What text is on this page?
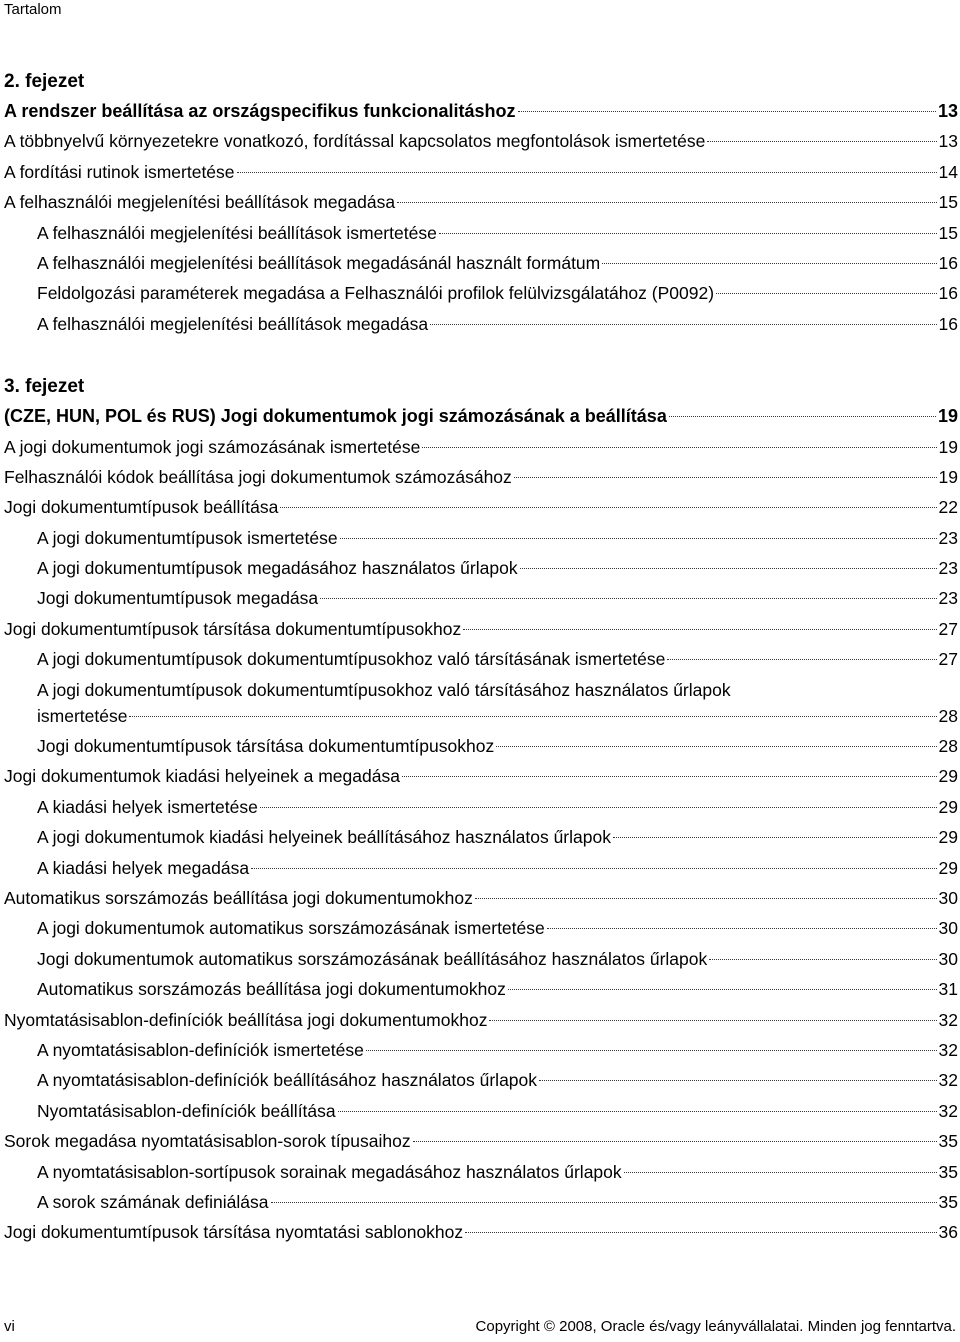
Tartalom
2. fejezet
A rendszer beállítása az országspecifikus funkcionalitáshoz	13
A többnyelvű környezetekre vonatkozó, fordítással kapcsolatos megfontolások ismertetése	13
A fordítási rutinok ismertetése	14
A felhasználói megjelenítési beállítások megadása	15
A felhasználói megjelenítési beállítások ismertetése	15
A felhasználói megjelenítési beállítások megadásánál használt formátum	16
Feldolgozási paraméterek megadása a Felhasználói profilok felülvizsgálatához (P0092)	16
A felhasználói megjelenítési beállítások megadása	16
3. fejezet
(CZE, HUN, POL és RUS) Jogi dokumentumok jogi számozásának a beállítása	19
A jogi dokumentumok jogi számozásának ismertetése	19
Felhasználói kódok beállítása jogi dokumentumok számozásához	19
Jogi dokumentumtípusok beállítása	22
A jogi dokumentumtípusok ismertetése	23
A jogi dokumentumtípusok megadásához használatos űrlapok	23
Jogi dokumentumtípusok megadása	23
Jogi dokumentumtípusok társítása dokumentumtípusokhoz	27
A jogi dokumentumtípusok dokumentumtípusokhoz való társításának ismertetése	27
A jogi dokumentumtípusok dokumentumtípusokhoz való társításához használatos űrlapok
ismertetése	28
Jogi dokumentumtípusok társítása dokumentumtípusokhoz	28
Jogi dokumentumok kiadási helyeinek a megadása	29
A kiadási helyek ismertetése	29
A jogi dokumentumok kiadási helyeinek beállításához használatos űrlapok	29
A kiadási helyek megadása	29
Automatikus sorszámozás beállítása jogi dokumentumokhoz	30
A jogi dokumentumok automatikus sorszámozásának ismertetése	30
Jogi dokumentumok automatikus sorszámozásának beállításához használatos űrlapok	30
Automatikus sorszámozás beállítása jogi dokumentumokhoz	31
Nyomtatásisablon-definíciók beállítása jogi dokumentumokhoz	32
A nyomtatásisablon-definíciók ismertetése	32
A nyomtatásisablon-definíciók beállításához használatos űrlapok	32
Nyomtatásisablon-definíciók beállítása	32
Sorok megadása nyomtatásisablon-sorok típusaihoz	35
A nyomtatásisablon-sortípusok sorainak megadásához használatos űrlapok	35
A sorok számának definiálása	35
Jogi dokumentumtípusok társítása nyomtatási sablonokhoz	36
vi	Copyright © 2008, Oracle és/vagy leányvállalatai. Minden jog fenntartva.
